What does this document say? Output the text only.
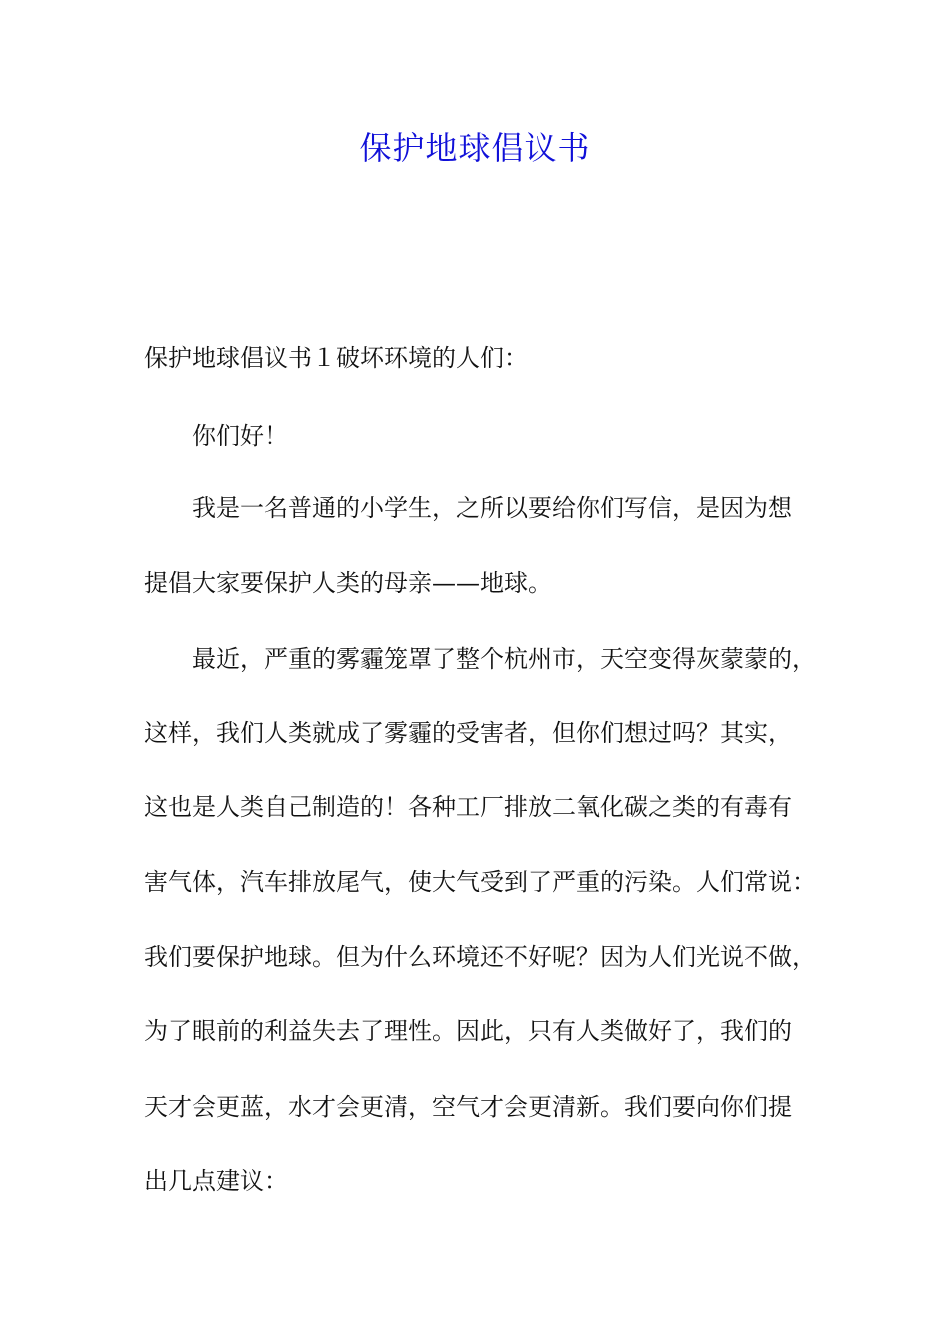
保护地球倡议书
保护地球倡议书１破坏环境的人们：
你们好！
我是一名普通的小学生，之所以要给你们写信，是因为想
提倡大家要保护人类的母亲——地球。
最近，严重的雾霾笼罩了整个杭州市，天空变得灰蒙蒙的，
这样，我们人类就成了雾霾的受害者，但你们想过吗？其实，
这也是人类自己制造的！各种工厂排放二氧化碳之类的有毒有
害气体，汽车排放尾气，使大气受到了严重的污染。人们常说：
我们要保护地球。但为什么环境还不好呢？因为人们光说不做，
为了眼前的利益失去了理性。因此，只有人类做好了，我们的
天才会更蓝，水才会更清，空气才会更清新。我们要向你们提
出几点建议：
